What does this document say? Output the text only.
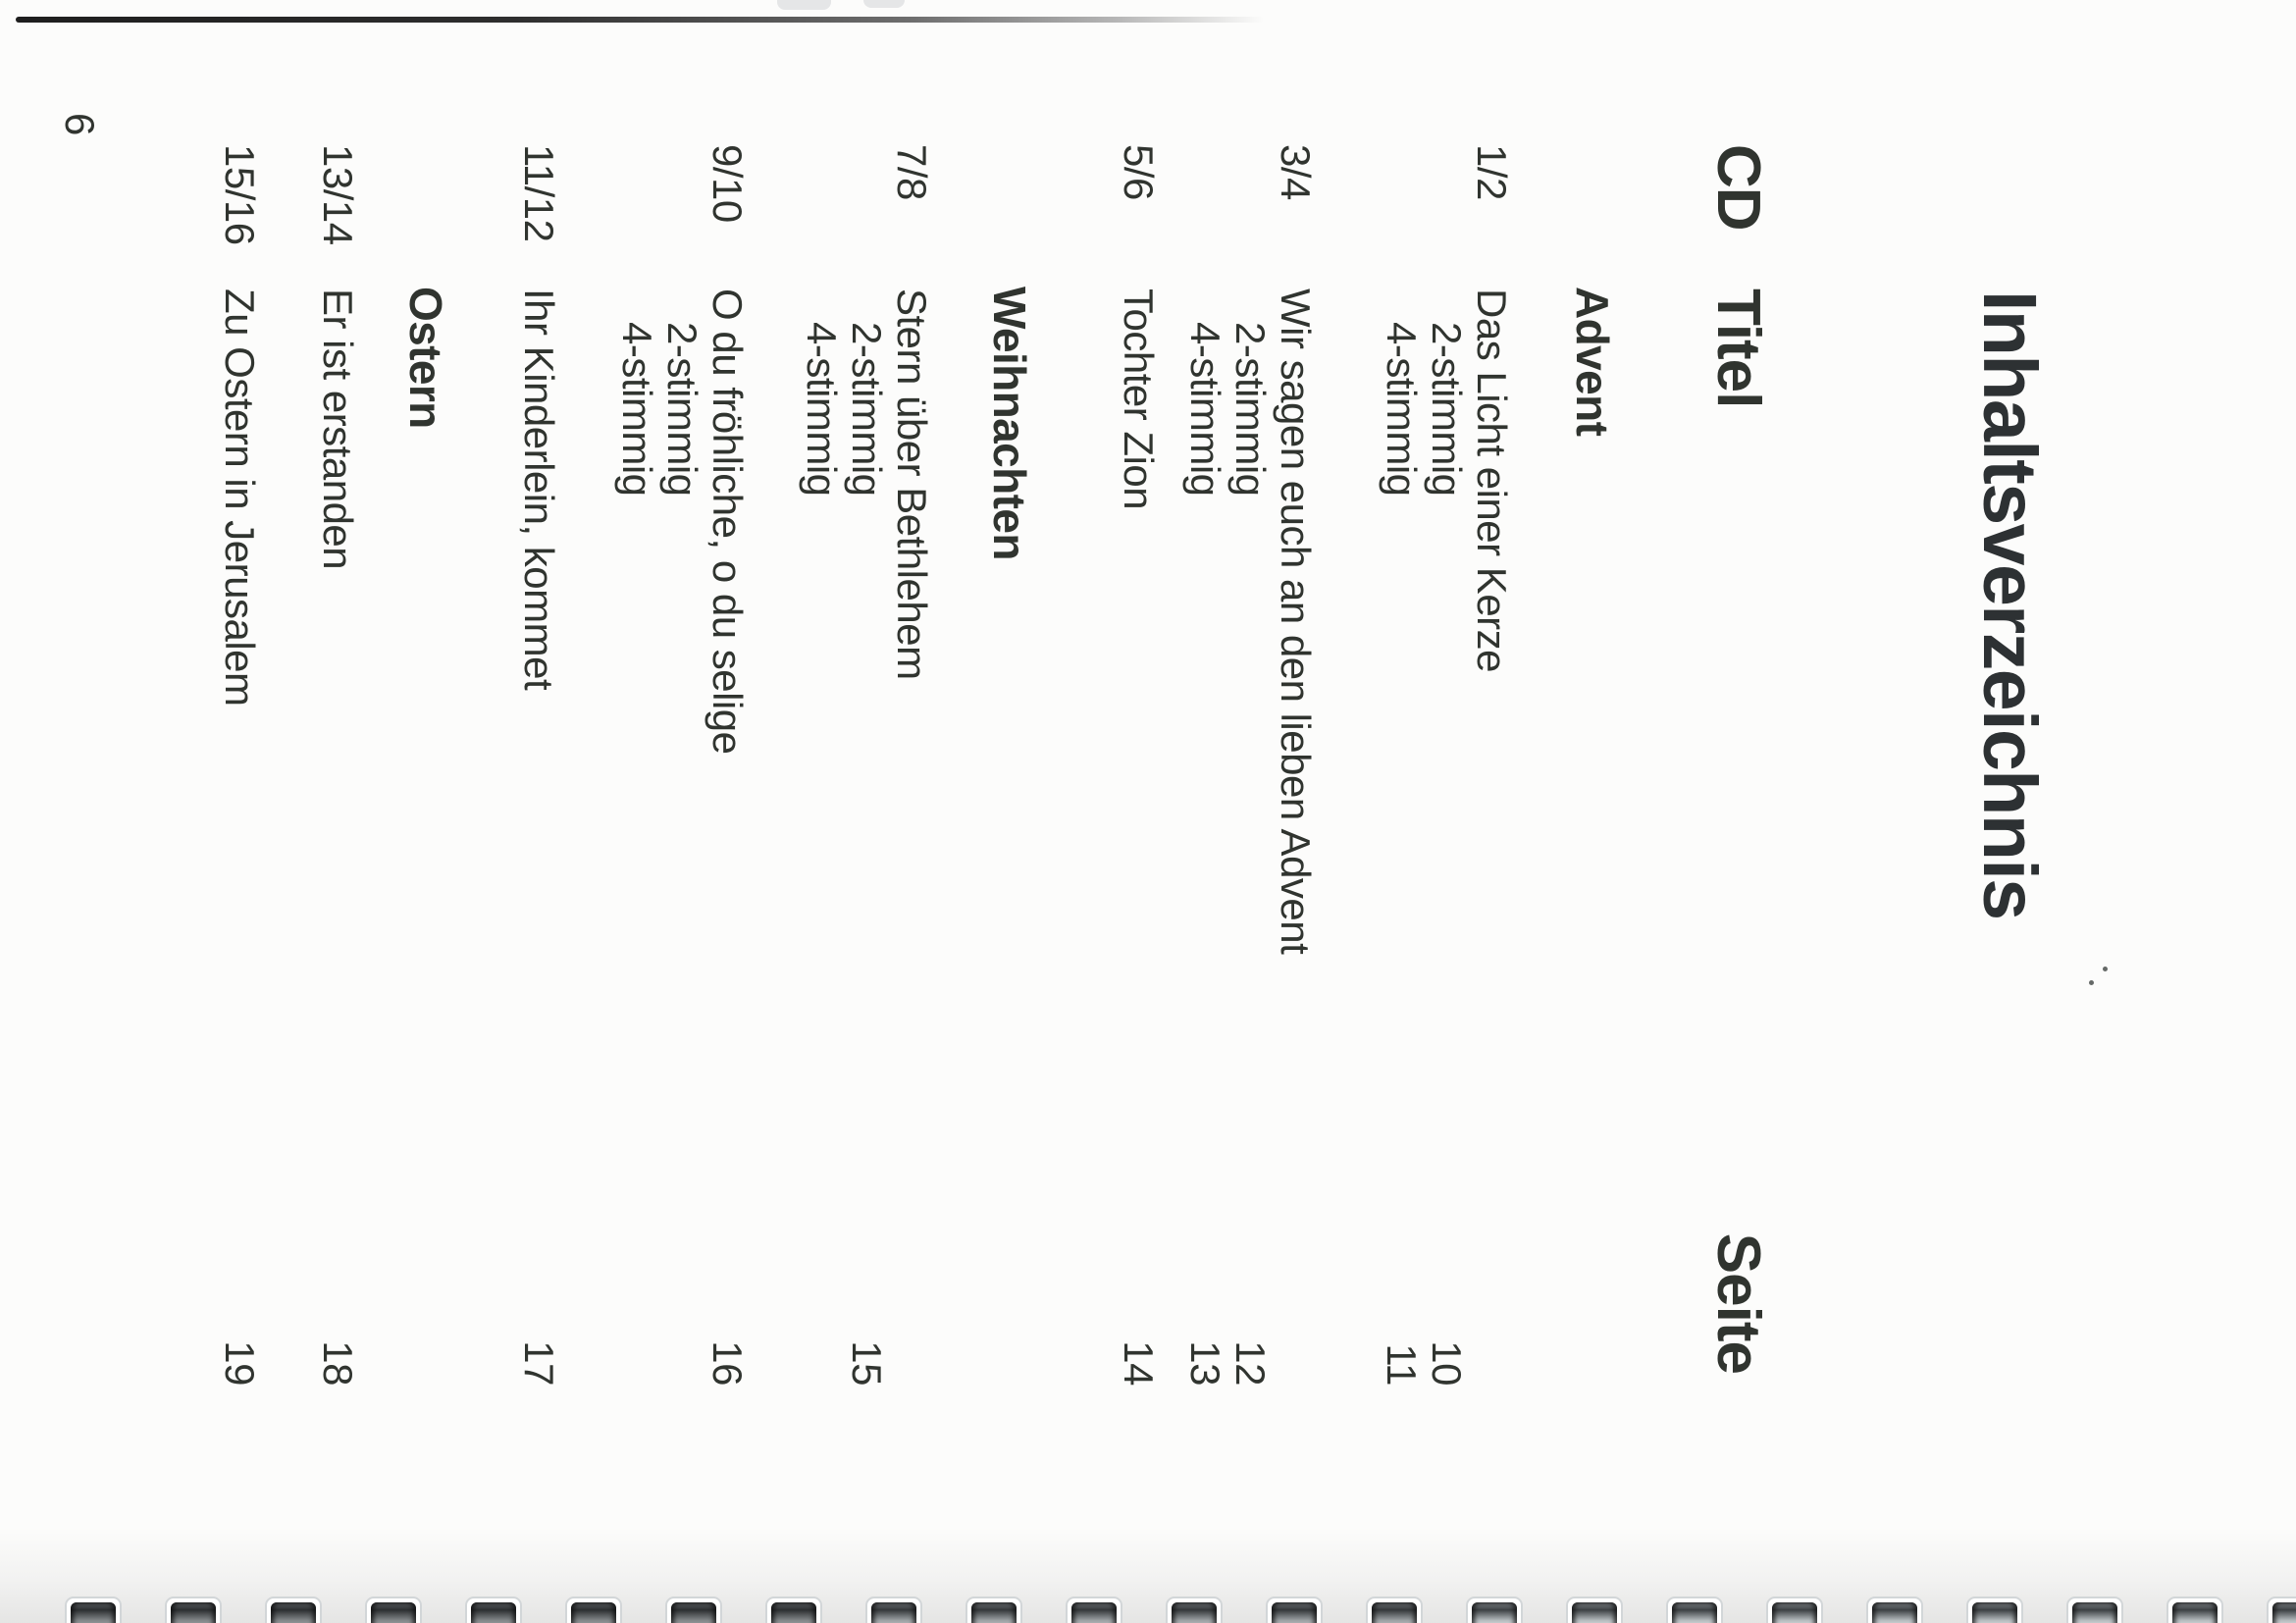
Inhaltsverzeichnis
CD
Titel
Seite
Advent
1/2
Das Licht einer Kerze
2-stimmig
10
4-stimmig
11
3/4
Wir sagen euch an den lieben Advent
2-stimmig
12
4-stimmig
13
5/6
Tochter Zion
14
Weihnachten
7/8
Stern über Bethlehem
2-stimmig
15
4-stimmig
9/10
O du fröhliche, o du selige
16
2-stimmig
4-stimmig
11/12
Ihr Kinderlein, kommet
17
Ostern
13/14
Er ist erstanden
18
15/16
Zu Ostern in Jerusalem
19
6
